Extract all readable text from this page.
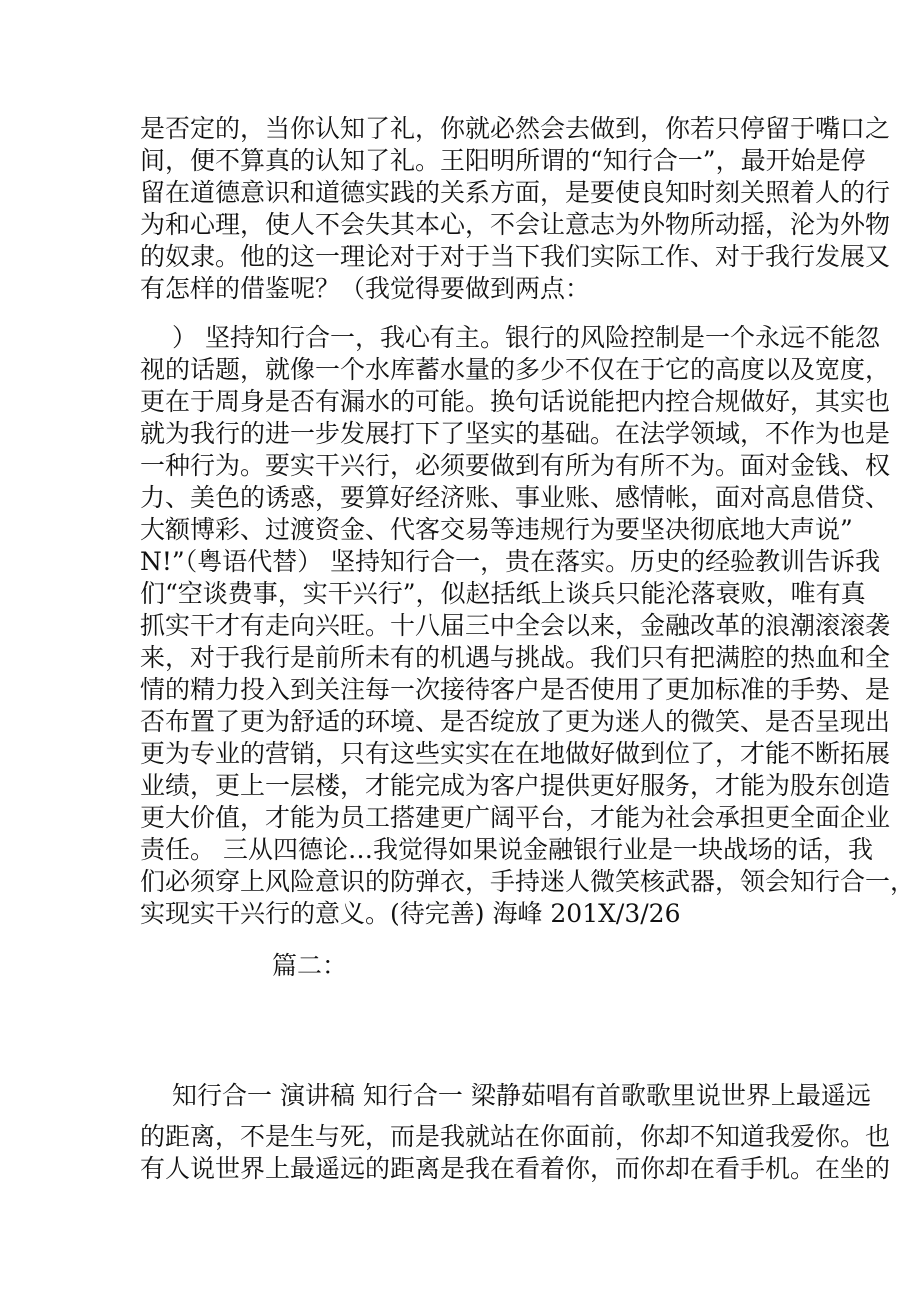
是否定的，当你认知了礼，你就必然会去做到，你若只停留于嘴口之

间，便不算真的认知了礼。王阳明所谓的“知行合一”，最开始是停

留在道德意识和道德实践的关系方面，是要使良知时刻关照着人的行

为和心理，使人不会失其本心，不会让意志为外物所动摇，沦为外物

的奴隶。他的这一理论对于对于当下我们实际工作、对于我行发展又

有怎样的借鉴呢？（我觉得要做到两点：

） 坚持知行合一，我心有主。银行的风险控制是一个永远不能忽

视的话题，就像一个水库蓄水量的多少不仅在于它的高度以及宽度，

更在于周身是否有漏水的可能。换句话说能把内控合规做好，其实也

就为我行的进一步发展打下了坚实的基础。在法学领域，不作为也是

一种行为。要实干兴行，必须要做到有所为有所不为。面对金钱、权

力、美色的诱惑，要算好经济账、事业账、感情帐，面对高息借贷、

大额博彩、过渡资金、代客交易等违规行为要坚决彻底地大声说”

N!”（粤语代替） 坚持知行合一，贵在落实。历史的经验教训告诉我

们“空谈费事，实干兴行”，似赵括纸上谈兵只能沦落衰败，唯有真

抓实干才有走向兴旺。十八届三中全会以来，金融改革的浪潮滚滚袭

来，对于我行是前所未有的机遇与挑战。我们只有把满腔的热血和全

情的精力投入到关注每一次接待客户是否使用了更加标准的手势、是

否布置了更为舒适的环境、是否绽放了更为迷人的微笑、是否呈现出

更为专业的营销，只有这些实实在在地做好做到位了，才能不断拓展

业绩，更上一层楼，才能完成为客户提供更好服务，才能为股东创造

更大价值，才能为员工搭建更广阔平台，才能为社会承担更全面企业

责任。 三从四德论…我觉得如果说金融银行业是一块战场的话，我

们必须穿上风险意识的防弹衣，手持迷人微笑核武器，领会知行合一，

实现实干兴行的意义。(待完善) 海峰 201X/3/26

篇二：

知行合一 演讲稿 知行合一 梁静茹唱有首歌歌里说世界上最遥远

的距离，不是生与死，而是我就站在你面前，你却不知道我爱你。也

有人说世界上最遥远的距离是我在看着你，而你却在看手机。在坐的
